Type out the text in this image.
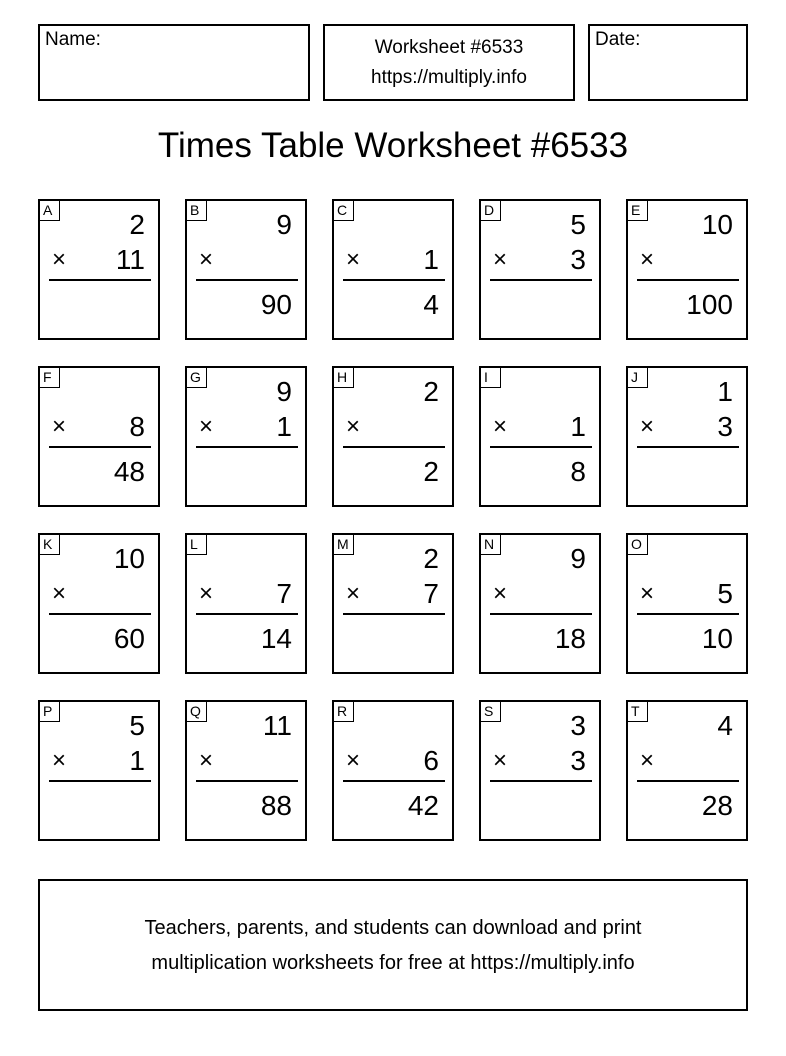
Name:	Worksheet #6533
https://multiply.info
Date:
Times Table Worksheet #6533
A	2
× 11
B	9
×
90
C
× 1
4
D	5
× 3
E 10
×
100
F
× 8
48
G	9
× 1
H	2
×
2
I
× 1
8
J	1
× 3
K 10
×
60
L
× 7
14
M	2
× 7
N	9
×
18
O
× 5
10
P	5
× 1
Q 11
×
88
R
× 6
42
S	3
× 3
T	4
×
28
Teachers, parents, and students can download and print
multiplication worksheets for free at https://multiply.info
